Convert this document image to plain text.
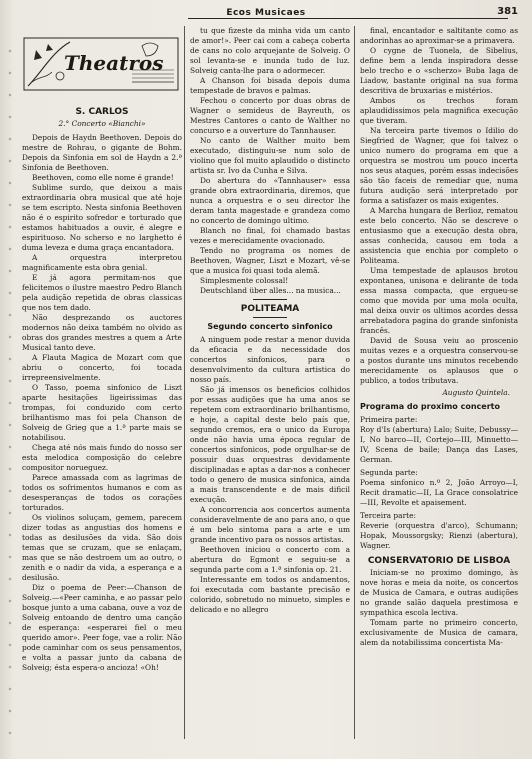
Ecos Musicaes	381
Theatros
S. CARLOS
2.° Concerto «Bianchi»

Depois de Haydn Beethoven. Depois do mestre de Rohrau, o gigante de Bohm. Depois da Sinfonia em sol de Haydn a 2.ª Sinfonia de Beethoven.

Beethoven, como elle nome é grande!

Sublime surdo, que deixou a mais extraordinaria obra musical que até hoje se tem escripto. Nesta sinfonia Beethoven não é o espirito sofredor e torturado que estamos habituados a ouvir, é alegre e espirituoso. No scherso e no larghetto é duma leveza e duma graça encantadora.

A orquestra interpretou magnificamente esta obra genial.

E já agora permitam-nos que felicitemos o ilustre maestro Pedro Blanch pela audição repetida de obras classicas que nos tem dado.

Não desprezando os auctores modernos não deixa também no olvido as obras dos grandes mestres a quem a Arte Musical tanto deve.

A Flauta Magica de Mozart com que abriu o concerto, foi tocada irrepreensivelmente.

O Tasso, poema sinfonico de Liszt aparte hesitações ligeirissimas das trompas, foi conduzido com certo brilhantismo mas foi pela Chanson de Solveig de Grieg que a 1.ª parte mais se notabilisou.

Chega até nós mais fundo do nosso ser esta melodica composição do celebre compositor norueguez.

Parece amassada com as lagrimas de todos os sofrimentos humanos e com as desesperanças de todos os corações torturados.

Os violinos soluçam, gemem, parecem dizer todas as angustias dos homens e todas as desilusões da vida. São dois temas que se cruzam, que se enlaçam, mas que se não destroem um ao outro, o zenith e o nadir da vida, a esperança e a desilusão.

Diz o poema de Peer:—Chanson de Solveig.—«Peer caminha, e ao passar pelo bosque junto a uma cabana, ouve a voz de Solveig entoando de dentro uma canção de esperança: «esperarei fiel o meu querido amor». Peer foge, vae a rolir. Não pode caminhar com os seus pensamentos, e volta a passar junto da cabana de Solveig; ésta espera-o ancioza! «Oh!

tu que fizeste da minha vida um canto de amor!». Peer cai com a cabeça coberta de cans no colo arquejante de Solveig. O sol levanta-se e inunda tudo de luz. Solveig canta-lhe para o adormecer.

A Chanson foi bisada depois duma tempestade de bravos e palmas.

Fechou o concerto por duas obras de Wagner o semideus de Bayreuth, os Mestres Cantores o canto de Walther no concurso e a ouverture do Tannhauser.

No canto de Walther muito bem executado, distinguiu-se num solo de violino que fol muito aplaudido o distincto artista sr. Ivo da Cunha e Silva.

Do abertura do «Tannhauser» essa grande obra extraordinaria, diremos, que nunca a orquestra e o seu director lhe deram tanta magestade e grandeza como no concerto de domingo ultimo.

Blanch no final, foi chamado bastas vezes e merecidamente ovacionado.

Tendo no programa os nomes de Beethoven, Wagner, Liszt e Mozart, vê-se que a musica foi quasi toda alemã.

Simplesmente colossal!

Deutschland über alles... na musica...

POLITEAMA
Segundo concerto sinfonico

A ninguem pode restar a menor duvida da eficacia e da necessidade dos concertos sinfonicos, para o desenvolvimento da cultura artistica do nosso país.

São já imensos os beneficios colhidos por essas audições que ha uma anos se repetem com extraordinario brilhantismo, e hoje, a capital deste belo país que, segundo cremos, era o unico da Europa onde não havia uma época regular de concertos sinfonicos, pode orgulhar-se de possuir duas orquestras devidamente disciplinadas e aptas a dar-nos a conhecer todo o genero de musica sinfonica, ainda a mais transcendente e de mais dificil execução.

A concorrencia aos concertos aumenta consideravelmente de ano para ano, o que é um belo sintoma para a arte e um grande incentivo para os nossos artistas.

Beethoven iniciou o concerto com a abertura do Egmont e seguiu-se a segunda parte com a 1.ª sinfonia op. 21.

Interessante em todos os andamentos, foi executada com bastante precisão e colorido, sobretudo no minueto, simples e delicado e no allegro

final, encantador e saltitante como as andorinhas ao aproximar-se a primavera.

O cygne de Tuonela, de Sibelius, define bem a lenda inspiradora desse belo trecho e o «scherzo» Buba Iaga de Liadow, bastante original na sua forma descritiva de bruxarias e mistérios.

Ambos os trechos foram aplaudidissimos pela magnifica execução que tiveram.

Na terceira parte tivemos o Idilio do Siegfried de Wagner, que foi talvez o unico numero do programa em que a orquestra se mostrou um pouco incerta nos seus ataques, porém essas indecisões são tão faceis de remediar que, numa futura audição será interpretado por forma a satisfazer os mais exigentes.

A Marcha hungara de Berlioz, rematou este belo concerto. Não se descreve o entusiasmo que a execução desta obra, assas conhecida, causou em toda a assistencia que enchia por completo o Politeama.

Uma tempestade de aplausos brotou expontanea, unisona e delirante de toda essa massa compacta, que ergueu-se como que movida por uma mola oculta, mal deixa ouvir os ultimos acordes dessa arrebatadora pagina do grande sinfonista francês.

David de Sousa veiu ao proscenio muitas vezes e a orquestra conservou-se a postos durante uns minutos recebendo merecidamente os aplausos que o publico, a todos tributava.

Augusto Quintela.

Programa do proximo concerto

Primeira parte:

Roy d'Is (abertura) Lalo; Suite, Debussy—I, No barco—II, Cortejo—III, Minuetto—IV, Scena de baile; Dança das Lases, German.

Segunda parte:

Poema sinfonico n.º 2, João Arroyo—I, Recit dramatic—II, La Grace consolatrice—III, Revolte et apaisement.

Terceira parte:

Reverie (orquestra d'arco), Schumann; Hopak, Moussorgsky; Rienzi (abertura), Wagner.

CONSERVATORIO DE LISBOA

Iniciam-se no proximo domingo, às nove horas e meia da noite, os concertos de Musica de Camara, e outras audições no grande salão daquela prestimosa e sympathica escola lectiva.

Tomam parte no primeiro concerto, exclusivamente de Musica de camara, alem da notabilissima concertista Ma-
